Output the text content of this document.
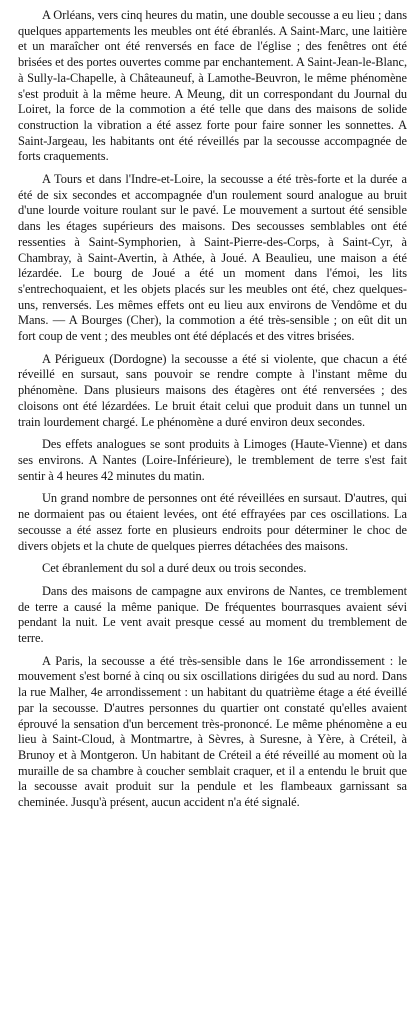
A Orléans, vers cinq heures du matin, une double secousse a eu lieu ; dans quelques appartements les meubles ont été ébranlés. A Saint-Marc, une laitière et un maraîcher ont été renversés en face de l'église ; des fenêtres ont été brisées et des portes ouvertes comme par enchantement. A Saint-Jean-le-Blanc, à Sully-la-Chapelle, à Châteauneuf, à Lamothe-Beuvron, le même phénomène s'est produit à la même heure. A Meung, dit un correspondant du Journal du Loiret, la force de la commotion a été telle que dans des maisons de solide construction la vibration a été assez forte pour faire sonner les sonnettes. A Saint-Jargeau, les habitants ont été réveillés par la secousse accompagnée de forts craquements.

A Tours et dans l'Indre-et-Loire, la secousse a été très-forte et la durée a été de six secondes et accompagnée d'un roulement sourd analogue au bruit d'une lourde voiture roulant sur le pavé. Le mouvement a surtout été sensible dans les étages supérieurs des maisons. Des secousses semblables ont été ressenties à Saint-Symphorien, à Saint-Pierre-des-Corps, à Saint-Cyr, à Chambray, à Saint-Avertin, à Athée, à Joué. A Beaulieu, une maison a été lézardée. Le bourg de Joué a été un moment dans l'émoi, les lits s'entrechoquaient, et les objets placés sur les meubles ont été, chez quelques-uns, renversés. Les mêmes effets ont eu lieu aux environs de Vendôme et du Mans. — A Bourges (Cher), la commotion a été très-sensible ; on eût dit un fort coup de vent ; des meubles ont été déplacés et des vitres brisées.

A Périgueux (Dordogne) la secousse a été si violente, que chacun a été réveillé en sursaut, sans pouvoir se rendre compte à l'instant même du phénomène. Dans plusieurs maisons des étagères ont été renversées ; des cloisons ont été lézardées. Le bruit était celui que produit dans un tunnel un train lourdement chargé. Le phénomène a duré environ deux secondes.

Des effets analogues se sont produits à Limoges (Haute-Vienne) et dans ses environs. A Nantes (Loire-Inférieure), le tremblement de terre s'est fait sentir à 4 heures 42 minutes du matin.

Un grand nombre de personnes ont été réveillées en sursaut. D'autres, qui ne dormaient pas ou étaient levées, ont été effrayées par ces oscillations. La secousse a été assez forte en plusieurs endroits pour déterminer le choc de divers objets et la chute de quelques pierres détachées des maisons.

Cet ébranlement du sol a duré deux ou trois secondes.

Dans des maisons de campagne aux environs de Nantes, ce tremblement de terre a causé la même panique. De fréquentes bourrasques avaient sévi pendant la nuit. Le vent avait presque cessé au moment du tremblement de terre.

A Paris, la secousse a été très-sensible dans le 16e arrondissement : le mouvement s'est borné à cinq ou six oscillations dirigées du sud au nord. Dans la rue Malher, 4e arrondissement : un habitant du quatrième étage a été éveillé par la secousse. D'autres personnes du quartier ont constaté qu'elles avaient éprouvé la sensation d'un bercement très-prononcé. Le même phénomène a eu lieu à Saint-Cloud, à Montmartre, à Sèvres, à Suresne, à Yère, à Créteil, à Brunoy et à Montgeron. Un habitant de Créteil a été réveillé au moment où la muraille de sa chambre à coucher semblait craquer, et il a entendu le bruit que la secousse avait produit sur la pendule et les flambeaux garnissant sa cheminée. Jusqu'à présent, aucun accident n'a été signalé.
